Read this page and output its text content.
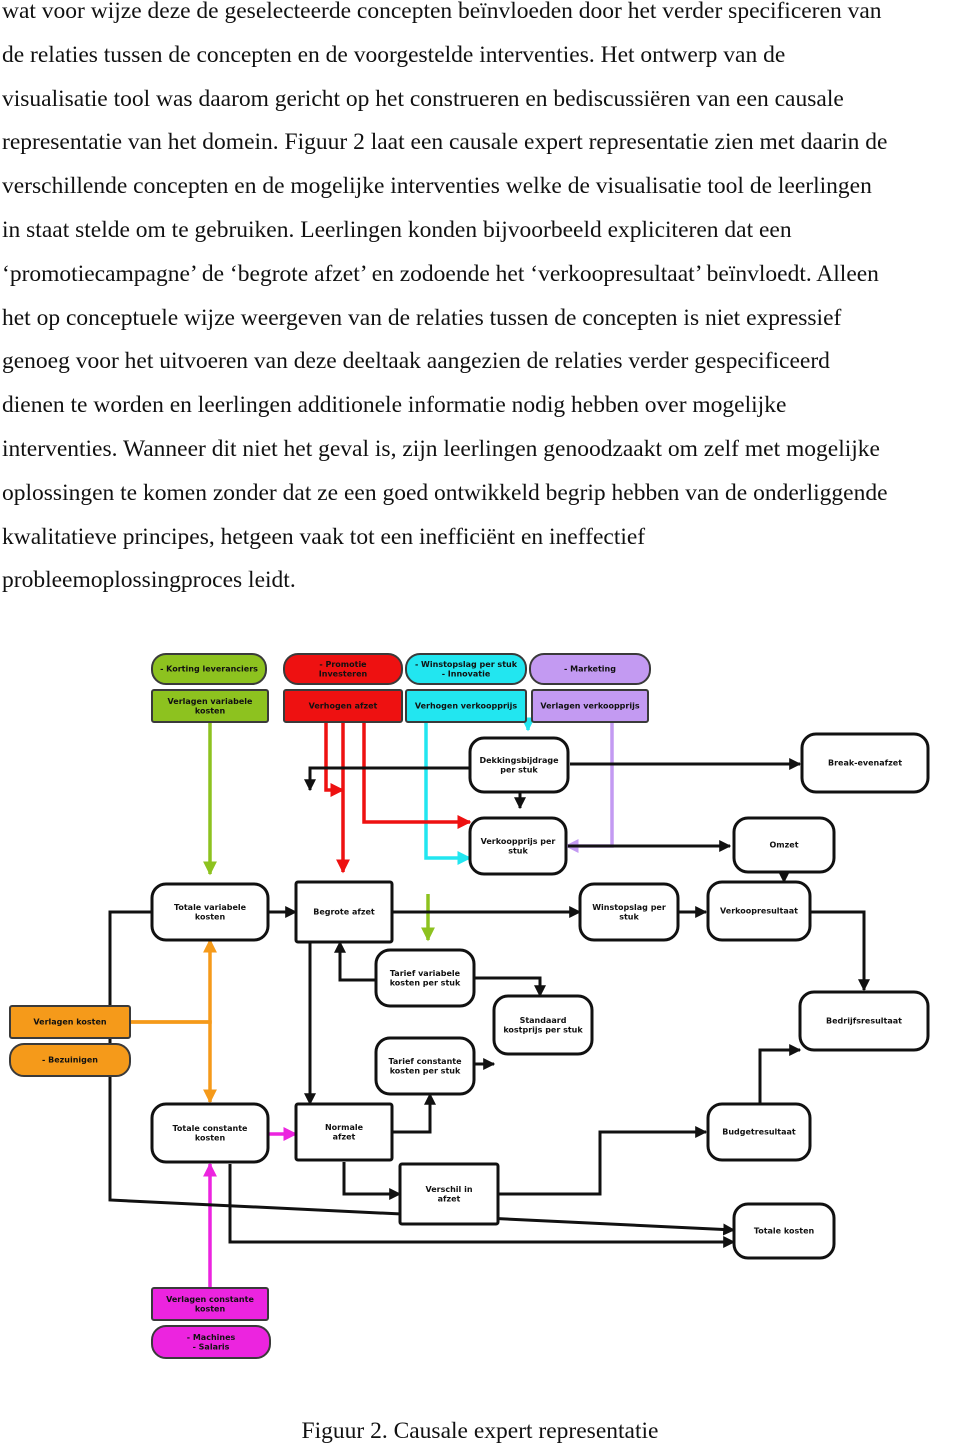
wat voor wijze deze de geselecteerde concepten beïnvloeden door het verder specificeren van
de relaties tussen de concepten en de voorgestelde interventies. Het ontwerp van de
visualisatie tool was daarom gericht op het construeren en bediscussiëren van een causale
representatie van het domein. Figuur 2 laat een causale expert representatie zien met daarin de
verschillende concepten en de mogelijke interventies welke de visualisatie tool de leerlingen
in staat stelde om te gebruiken. Leerlingen konden bijvoorbeeld expliciteren dat een
‘promotiecampagne’ de ‘begrote afzet’ en zodoende het ‘verkoopresultaat’ beïnvloedt. Alleen
het op conceptuele wijze weergeven van de relaties tussen de concepten is niet expressief
genoeg voor het uitvoeren van deze deeltaak aangezien de relaties verder gespecificeerd
dienen te worden en leerlingen additionele informatie nodig hebben over mogelijke
interventies. Wanneer dit niet het geval is, zijn leerlingen genoodzaakt om zelf met mogelijke
oplossingen te komen zonder dat ze een goed ontwikkeld begrip hebben van de onderliggende
kwalitatieve principes, hetgeen vaak tot een inefficiënt en ineffectief
probleemoplossingproces leidt.
- Korting leveranciers
- Promotie
Investeren
- Winstopslag per stuk
- Innovatie
- Marketing
Verlagen variabele
kosten
Verhogen afzet	Verhogen verkoopprijs	Verlagen verkoopprijs
Dekkingsbijdrage
per stuk
Break-evenafzet
Verkoopprijs per
stuk
Omzet
Totale variabele
kosten
Begrote afzet
Winstopslag per
stuk
Verkoopresultaat
Tarief variabele
kosten per stuk
Standaard
kostprijs per stuk
Verlagen kosten
- Bezuinigen
Bedrijfsresultaat
Tarief constante
kosten per stuk
Totale constante
kosten
Normale
afzet
Budgetresultaat
Verschil in
afzet
Totale kosten
Verlagen constante
kosten
- Machines
- Salaris

Figuur 2. Causale expert representatie
